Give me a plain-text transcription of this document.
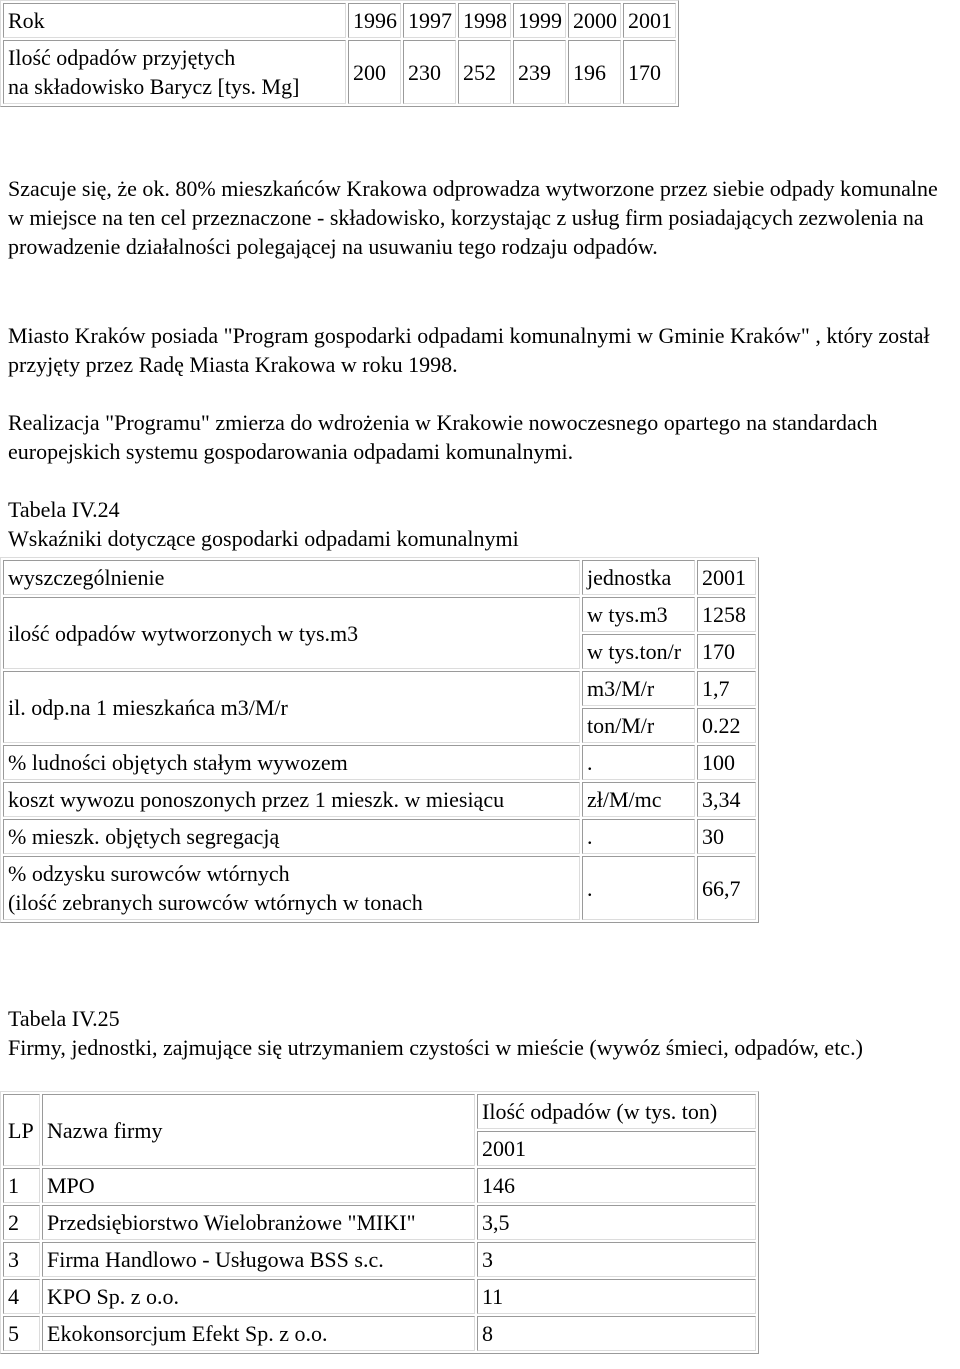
Rok	1996	1997	1998	1999	2000	2001

Ilość odpadów przyjętych
na składowisko Barycz [tys. Mg]	200	230	252	239	196	170

Szacuje się, że ok. 80% mieszkańców Krakowa odprowadza wytworzone przez siebie odpady komunalne w miejsce na ten cel przeznaczone - składowisko, korzystając z usług firm posiadających zezwolenia na prowadzenie działalności polegającej na usuwaniu tego rodzaju odpadów.

Miasto Kraków posiada "Program gospodarki odpadami komunalnymi w Gminie Kraków" , który został przyjęty przez Radę Miasta Krakowa w roku 1998.

Realizacja "Programu" zmierza do wdrożenia w Krakowie nowoczesnego opartego na standardach europejskich systemu gospodarowania odpadami komunalnymi.

Tabela IV.24
Wskaźniki dotyczące gospodarki odpadami komunalnymi
wyszczególnienie	jednostka	2001
ilość odpadów wytworzonych w tys.m3	w tys.m3	1258
	w tys.ton/r	170
il. odp.na 1 mieszkańca m3/M/r	m3/M/r	1,7
	ton/M/r	0.22
% ludności objętych stałym wywozem	.	100
koszt wywozu ponoszonych przez 1 mieszk. w miesiącu	zł/M/mc	3,34
% mieszk. objętych segregacją	.	30

% odzysku surowców wtórnych
(ilość zebranych surowców wtórnych w tonach	.	66,7
Tabela IV.25
Firmy, jednostki, zajmujące się utrzymaniem czystości w mieście (wywóz śmieci, odpadów, etc.)
LP	Nazwa firmy	Ilość odpadów (w tys. ton)
		2001
1	MPO	146
2	Przedsiębiorstwo Wielobranżowe "MIKI"	3,5
3	Firma Handlowo - Usługowa BSS s.c.	3
4	KPO Sp. z o.o.	11
5	Ekokonsorcjum Efekt Sp. z o.o.	8
